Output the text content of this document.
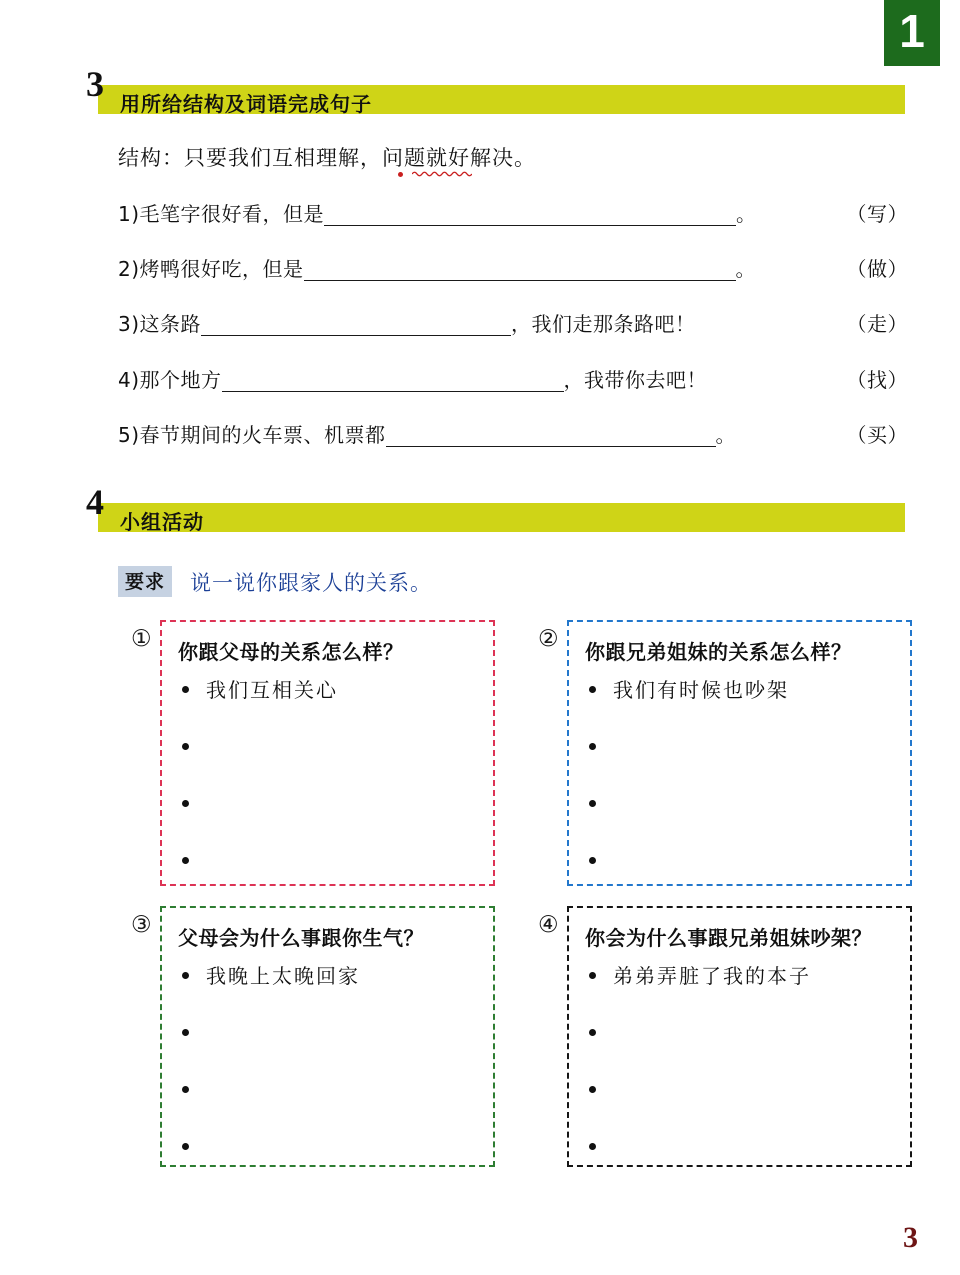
1
3 用所给结构及词语完成句子
结构：只要我们互相理解，问题就好解决。
1)毛笔字很好看，但是	。	（写）
2)烤鸭很好吃，但是	。	（做）
3)这条路	，我们走那条路吧！	（走）
4)那个地方	，我带你去吧！	（找）
5)春节期间的火车票、机票都	。	（买）
4 小组活动
要求 说一说你跟家人的关系。
① 你跟父母的关系怎么样？
我们互相关心
② 你跟兄弟姐妹的关系怎么样？
我们有时候也吵架
③ 父母会为什么事跟你生气？
我晚上太晚回家
④ 你会为什么事跟兄弟姐妹吵架？
弟弟弄脏了我的本子
3
